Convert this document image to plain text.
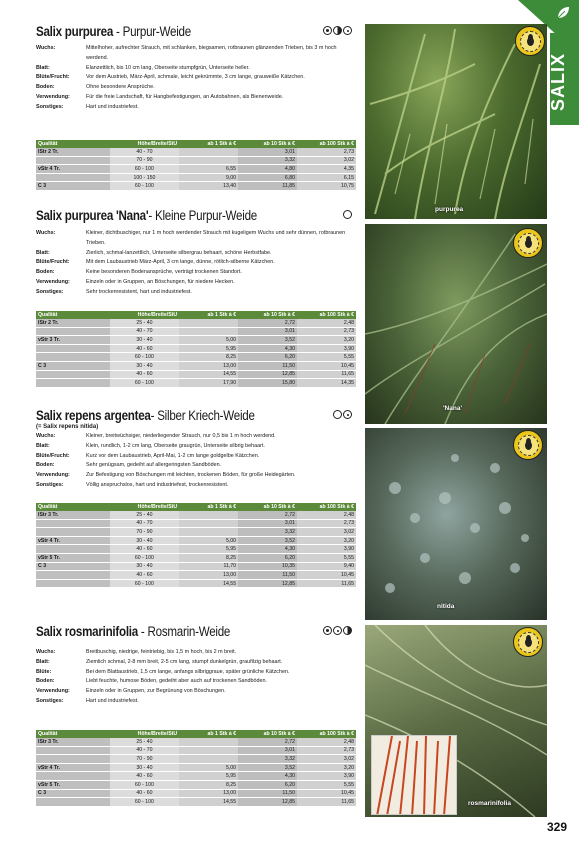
SALIX
Salix purpurea - Purpur-Weide
Wuchs:	Mittelhoher, aufrechter Strauch, mit schlanken, biegsamen, rotbraunen glänzenden Trieben, bis 3 m hoch werdend.
Blatt:	Elanzettlich, bis 10 cm lang, Oberseite stumpfgrün, Unterseite heller.
Blüte/Frucht:	Vor dem Austrieb, März-April, schmale, leicht gekrümmte, 3 cm lange, grauweiße Kätzchen.
Boden:	Ohne besondere Ansprüche.
Verwendung:	Für die freie Landschaft, für Hangbefestigungen, an Autobahnen, als Bienenweide.
Sonstiges:	Hart und industriefest.
Qualität	Höhe/Breite/StU	ab 1 Stk à €	ab 10 Stk à €	ab 100 Stk à €
lStr 2 Tr.	40 - 70		3,01	2,73
	70 - 90		3,32	3,02
vStr 4 Tr.	60 - 100	6,55	4,80	4,35
	100 - 150	9,00	6,80	6,15
C 3	60 - 100	13,40	11,85	10,75
Salix purpurea 'Nana'- Kleine Purpur-Weide
Wuchs:	Kleiner, dichtbuschiger, nur 1 m hoch werdender Strauch mit kugeligem Wuchs und sehr dünnen, rotbraunen Trieben.
Blatt:	Zierlich, schmal-lanzettlich, Unterseite silbergrau behaart, schöne Herbstfabe.
Blüte/Frucht:	Mit dem Laubaustrieb März-April, 3 cm lange, dünne, rötlich-silberne Kätzchen.
Boden:	Keine besonderen Bodenansprüche, verträgt trockenen Standort.
Verwendung:	Einzeln oder in Gruppen, an Böschungen, für niedere Hecken.
Sonstiges:	Sehr trockenresistent, hart und industriefest.
Qualität	Höhe/Breite/StU	ab 1 Stk à €	ab 10 Stk à €	ab 100 Stk à €
lStr 2 Tr.	25 - 40		2,72	2,48
	40 - 70		3,01	2,73
vStr 3 Tr.	30 - 40	5,00	3,52	3,20
	40 - 60	5,95	4,30	3,90
	60 - 100	8,25	6,20	5,55
C 3	30 - 40	13,00	11,50	10,45
	40 - 60	14,55	12,85	11,65
	60 - 100	17,90	15,80	14,35
Salix repens argentea- Silber Kriech-Weide
(= Salix repens nitida)
Wuchs:	Kleiner, breitwüchsiger, niederliegender Strauch, nur 0,5 bis 1 m hoch werdend.
Blatt:	Klein, rundlich, 1-2 cm lang, Oberseite graugrün, Unterseite silbrig behaart.
Blüte/Frucht:	Kurz vor dem Laubaustrieb, April-Mai, 1-2 cm lange goldgelbe Kätzchen.
Boden:	Sehr genügsam, gedeiht auf allergeringsten Sandböden.
Verwendung:	Zur Befestigung von Böschungen mit leichten, trockenen Böden, für große Heidegärten.
Sonstiges:	Völlig anspruchslos, hart und industriefest, trockenresistent.
Qualität	Höhe/Breite/StU	ab 1 Stk à €	ab 10 Stk à €	ab 100 Stk à €
lStr 3 Tr.	25 - 40		2,72	2,48
	40 - 70		3,01	2,73
	70 - 90		3,32	3,02
vStr 4 Tr.	30 - 40	5,00	3,52	3,20
	40 - 60	5,95	4,30	3,90
vStr 5 Tr.	60 - 100	8,25	6,20	5,55
C 3	30 - 40	11,70	10,35	9,40
	40 - 60	13,00	11,50	10,45
	60 - 100	14,55	12,85	11,65
Salix rosmarinifolia - Rosmarin-Weide
Wuchs:	Breitbuschig, niedrige, feintriebig, bis 1,5 m hoch, bis 2 m breit.
Blatt:	Ziemlich schmal, 2-8 mm breit, 2-5 cm lang, stumpf dunkelgrün, graufilzig behaart.
Blüte:	Bei dem Blattaustrieb, 1,5 cm lange, anfangs silbriggraue, später grünliche Kätzchen.
Boden:	Liebt feuchte, humose Böden, gedeiht aber auch auf trockenen Sandböden.
Verwendung:	Einzeln oder in Gruppen, zur Begrünung von Böschungen.
Sonstiges:	Hart und industriefest.
Qualität	Höhe/Breite/StU	ab 1 Stk à €	ab 10 Stk à €	ab 100 Stk à €
lStr 3 Tr.	25 - 40		2,72	2,48
	40 - 70		3,01	2,73
	70 - 90		3,32	3,02
vStr 4 Tr.	30 - 40	5,00	3,52	3,20
	40 - 60	5,95	4,30	3,90
vStr 5 Tr.	60 - 100	8,25	6,20	5,55
C 3	40 - 60	13,00	11,50	10,45
	60 - 100	14,55	12,85	11,65
purpurea
'Nana'
nitida
rosmarinifolia
329
